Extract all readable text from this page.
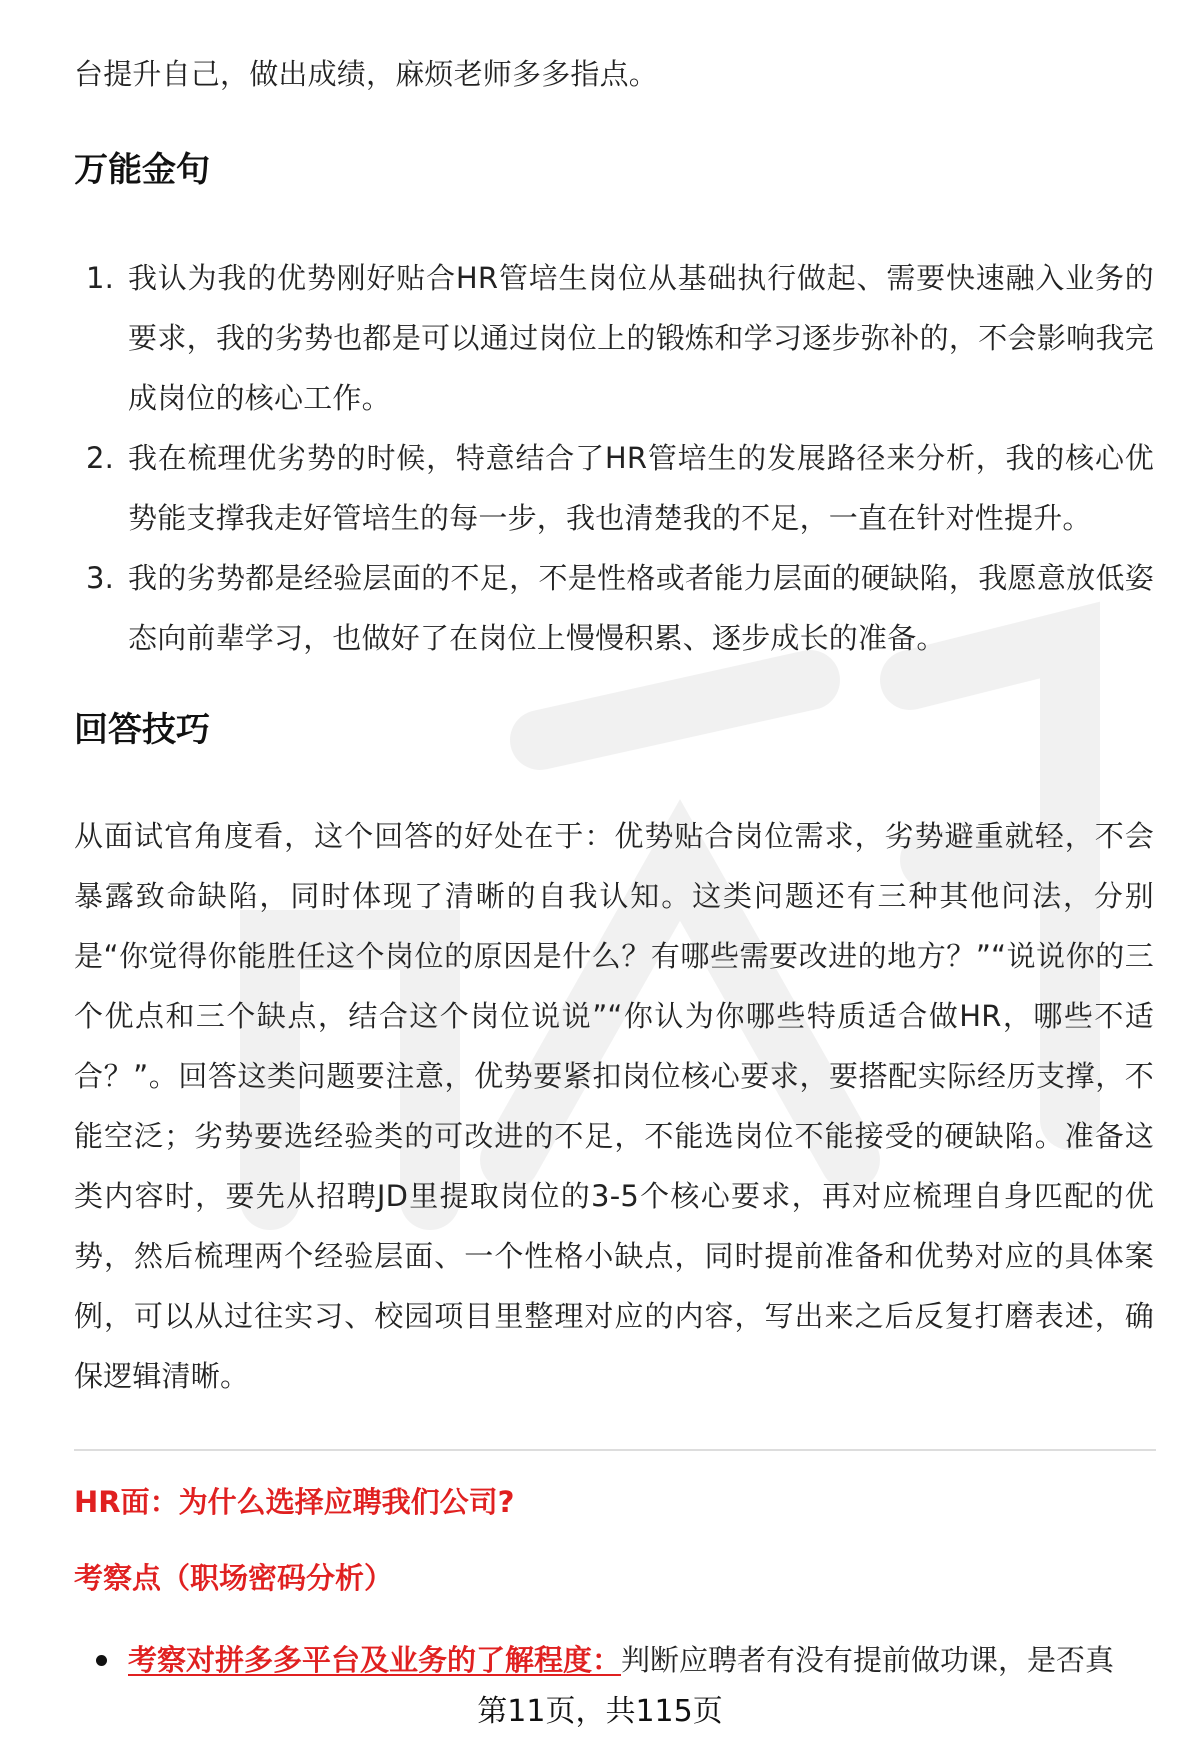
台提升自己，做出成绩，麻烦老师多多指点。

万能金句
1. 我认为我的优势刚好贴合HR管培生岗位从基础执行做起、需要快速融入业务的要求，我的劣势也都是可以通过岗位上的锻炼和学习逐步弥补的，不会影响我完成岗位的核心工作。
2. 我在梳理优劣势的时候，特意结合了HR管培生的发展路径来分析，我的核心优势能支撑我走好管培生的每一步，我也清楚我的不足，一直在针对性提升。
3. 我的劣势都是经验层面的不足，不是性格或者能力层面的硬缺陷，我愿意放低姿态向前辈学习，也做好了在岗位上慢慢积累、逐步成长的准备。
回答技巧

从面试官角度看，这个回答的好处在于：优势贴合岗位需求，劣势避重就轻，不会暴露致命缺陷，同时体现了清晰的自我认知。这类问题还有三种其他问法，分别是“你觉得你能胜任这个岗位的原因是什么？有哪些需要改进的地方？”“说说你的三个优点和三个缺点，结合这个岗位说说”“你认为你哪些特质适合做HR，哪些不适合？”。回答这类问题要注意，优势要紧扣岗位核心要求，要搭配实际经历支撑，不能空泛；劣势要选经验类的可改进的不足，不能选岗位不能接受的硬缺陷。准备这类内容时，要先从招聘JD里提取岗位的3-5个核心要求，再对应梳理自身匹配的优势，然后梳理两个经验层面、一个性格小缺点，同时提前准备和优势对应的具体案例，可以从过往实习、校园项目里整理对应的内容，写出来之后反复打磨表述，确保逻辑清晰。

HR面：为什么选择应聘我们公司?
考察点（职场密码分析）
考察对拼多多平台及业务的了解程度：判断应聘者有没有提前做功课，是否真
第11页，共115页
